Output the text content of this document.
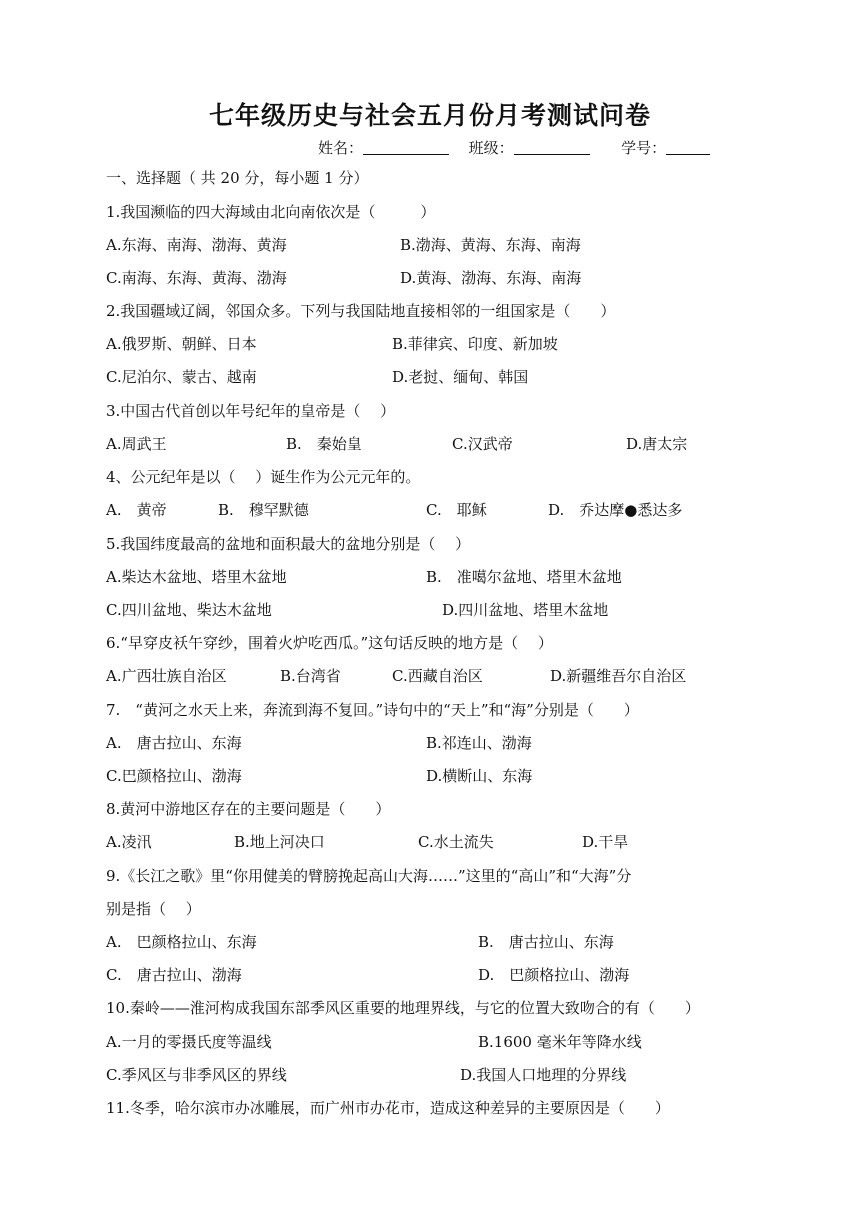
七年级历史与社会五月份月考测试问卷
姓名：	班级：	学号：
一、选择题（ 共 20 分，每小题 1 分）
1.我国濒临的四大海域由北向南依次是（　　　）
A.东海、南海、渤海、黄海	B.渤海、黄海、东海、南海
C.南海、东海、黄海、渤海	D.黄海、渤海、东海、南海
2.我国疆域辽阔，邻国众多。下列与我国陆地直接相邻的一组国家是（　　）
A.俄罗斯、朝鲜、日本	B.菲律宾、印度、新加坡
C.尼泊尔、蒙古、越南	D.老挝、缅甸、韩国
3.中国古代首创以年号纪年的皇帝是（　 ）
A.周武王	B.　秦始皇	C.汉武帝	D.唐太宗
4、公元纪年是以（　 ）诞生作为公元元年的。
A.　黄帝	B.　穆罕默德	C.　耶稣	D.　乔达摩●悉达多
5.我国纬度最高的盆地和面积最大的盆地分别是（　 ）
A.柴达木盆地、塔里木盆地	B.　准噶尔盆地、塔里木盆地
C.四川盆地、柴达木盆地	D.四川盆地、塔里木盆地
6.“早穿皮袄午穿纱，围着火炉吃西瓜。”这句话反映的地方是（　 ）
A.广西壮族自治区	B.台湾省	C.西藏自治区	D.新疆维吾尔自治区
7.　“黄河之水天上来，奔流到海不复回。”诗句中的“天上”和“海”分别是（　　）
A.　唐古拉山、东海	B.祁连山、渤海
C.巴颜格拉山、渤海	D.横断山、东海
8.黄河中游地区存在的主要问题是（　　）
A.凌汛	B.地上河决口	C.水土流失	D.干旱
9.《长江之歌》里“你用健美的臂膀挽起高山大海……”这里的“高山”和“大海”分
别是指（　 ）
A.　巴颜格拉山、东海	B.　唐古拉山、东海
C.　唐古拉山、渤海	D.　巴颜格拉山、渤海
10.秦岭——淮河构成我国东部季风区重要的地理界线，与它的位置大致吻合的有（　　）
A.一月的零摄氏度等温线	B.1600 毫米年等降水线
C.季风区与非季风区的界线	D.我国人口地理的分界线
11.冬季，哈尔滨市办冰雕展，而广州市办花市，造成这种差异的主要原因是（　　）
